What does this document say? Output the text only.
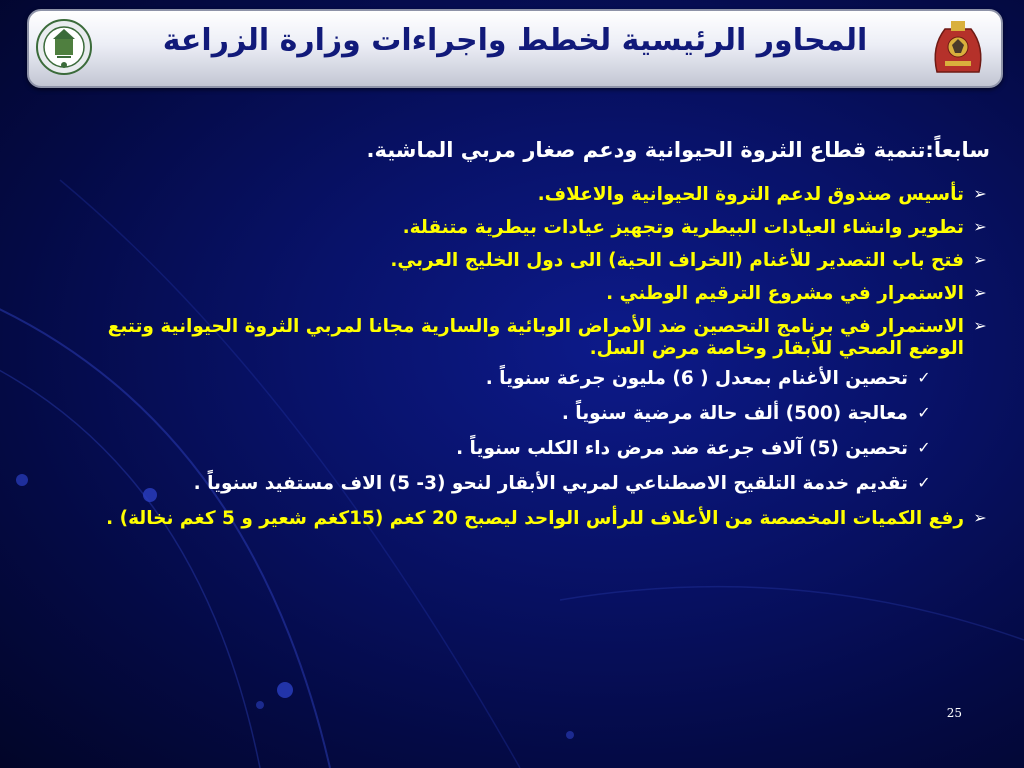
المحاور الرئيسية لخطط واجراءات وزارة الزراعة
سابعاً:تنمية قطاع الثروة الحيوانية ودعم صغار مربي الماشية.
➢
تأسيس صندوق لدعم الثروة الحيوانية والاعلاف.
➢
تطوير وانشاء العيادات البيطرية وتجهيز عيادات بيطرية متنقلة.
➢
فتح باب التصدير للأغنام (الخراف الحية) الى دول الخليج العربي.
➢
الاستمرار في مشروع الترقيم الوطني .
➢
الاستمرار في برنامج التحصين ضد الأمراض الوبائية والسارية مجانا لمربي الثروة الحيوانية وتتبع الوضع الصحي للأبقار وخاصة مرض السل.
✓
تحصين الأغنام بمعدل ( 6) مليون جرعة سنوياً .
✓
معالجة (500) ألف حالة مرضية سنوياً .
✓
تحصين (5) آلاف جرعة ضد مرض داء الكلب سنوياً .
✓
تقديم خدمة التلقيح الاصطناعي لمربي الأبقار لنحو (3- 5) الاف مستفيد سنوياً .
➢
رفع الكميات المخصصة من الأعلاف للرأس الواحد ليصبح 20 كغم (15كغم شعير و 5 كغم نخالة) .
25
